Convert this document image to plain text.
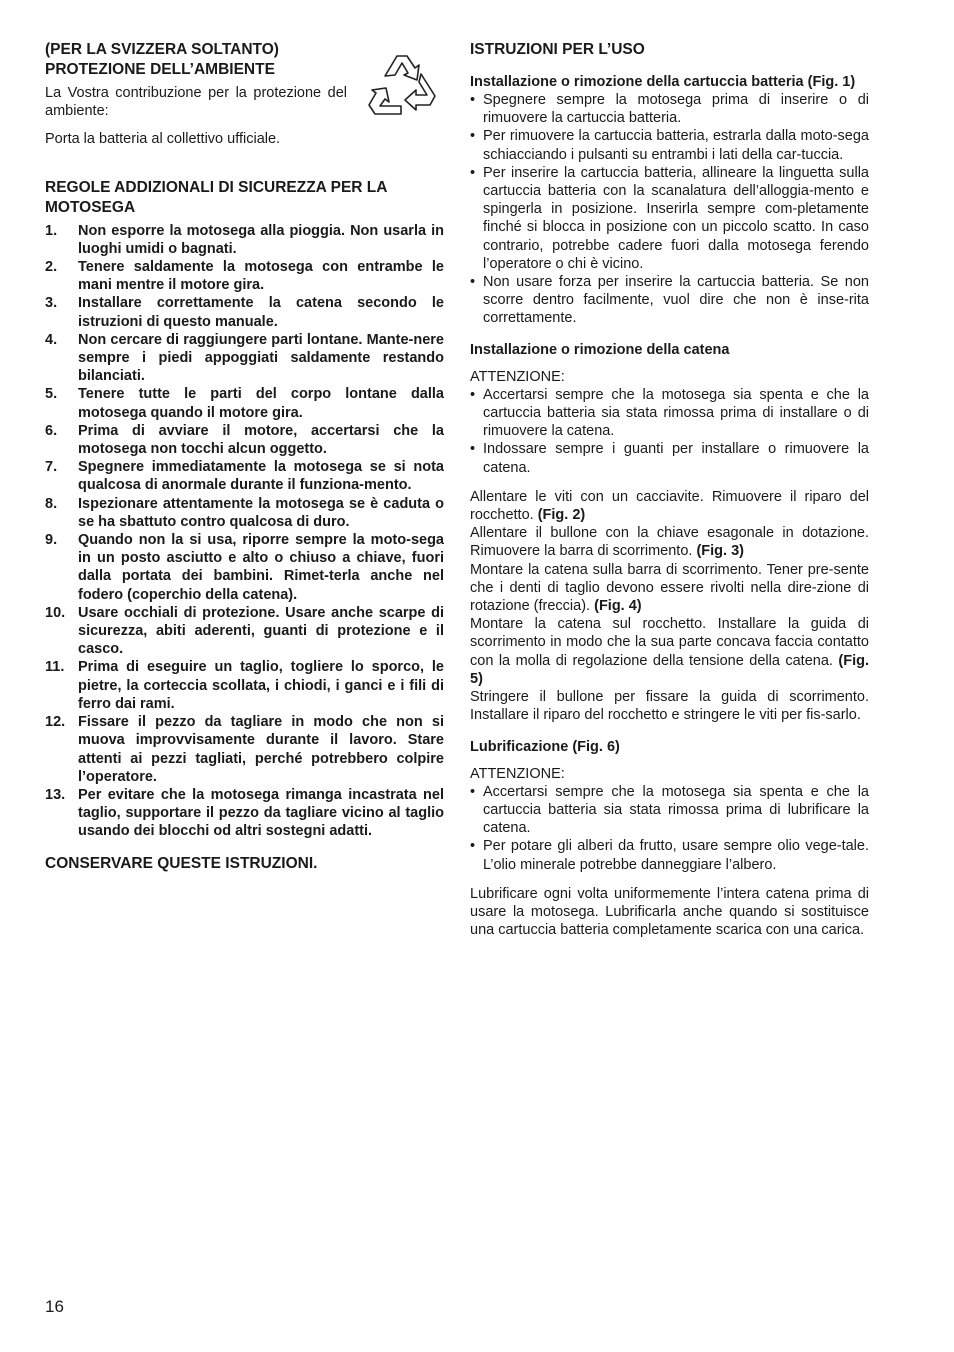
(PER LA SVIZZERA SOLTANTO)
PROTEZIONE DELL’AMBIENTE

La Vostra contribuzione per la protezione del ambiente:

Porta la batteria al collettivo ufficiale.

REGOLE ADDIZIONALI DI SICUREZZA PER LA MOTOSEGA
1. Non esporre la motosega alla pioggia. Non usarla in luoghi umidi o bagnati.
2. Tenere saldamente la motosega con entrambe le mani mentre il motore gira.
3. Installare correttamente la catena secondo le istruzioni di questo manuale.
4. Non cercare di raggiungere parti lontane. Mante-nere sempre i piedi appoggiati saldamente restando bilanciati.
5. Tenere tutte le parti del corpo lontane dalla motosega quando il motore gira.
6. Prima di avviare il motore, accertarsi che la motosega non tocchi alcun oggetto.
7. Spegnere immediatamente la motosega se si nota qualcosa di anormale durante il funziona-mento.
8. Ispezionare attentamente la motosega se è caduta o se ha sbattuto contro qualcosa di duro.
9. Quando non la si usa, riporre sempre la moto-sega in un posto asciutto e alto o chiuso a chiave, fuori dalla portata dei bambini. Rimet-terla anche nel fodero (coperchio della catena).
10. Usare occhiali di protezione. Usare anche scarpe di sicurezza, abiti aderenti, guanti di protezione e il casco.
11. Prima di eseguire un taglio, togliere lo sporco, le pietre, la corteccia scollata, i chiodi, i ganci e i fili di ferro dai rami.
12. Fissare il pezzo da tagliare in modo che non si muova improvvisamente durante il lavoro. Stare attenti ai pezzi tagliati, perché potrebbero colpire l’operatore.
13. Per evitare che la motosega rimanga incastrata nel taglio, supportare il pezzo da tagliare vicino al taglio usando dei blocchi od altri sostegni adatti.
CONSERVARE QUESTE ISTRUZIONI.
ISTRUZIONI PER L’USO
Installazione o rimozione della cartuccia batteria (Fig. 1)
• Spegnere sempre la motosega prima di inserire o di rimuovere la cartuccia batteria.
• Per rimuovere la cartuccia batteria, estrarla dalla moto-sega schiacciando i pulsanti su entrambi i lati della car-tuccia.
• Per inserire la cartuccia batteria, allineare la linguetta sulla cartuccia batteria con la scanalatura dell’alloggia-mento e spingerla in posizione. Inserirla sempre com-pletamente finché si blocca in posizione con un piccolo scatto. In caso contrario, potrebbe cadere fuori dalla motosega ferendo l’operatore o chi è vicino.
• Non usare forza per inserire la cartuccia batteria. Se non scorre dentro facilmente, vuol dire che non è inse-rita correttamente.
Installazione o rimozione della catena

ATTENZIONE:

• Accertarsi sempre che la motosega sia spenta e che la cartuccia batteria sia stata rimossa prima di installare o di rimuovere la catena.
• Indossare sempre i guanti per installare o rimuovere la catena.

Allentare le viti con un cacciavite. Rimuovere il riparo del rocchetto. (Fig. 2)

Allentare il bullone con la chiave esagonale in dotazione. Rimuovere la barra di scorrimento. (Fig. 3)

Montare la catena sulla barra di scorrimento. Tener pre-sente che i denti di taglio devono essere rivolti nella dire-zione di rotazione (freccia). (Fig. 4)

Montare la catena sul rocchetto. Installare la guida di scorrimento in modo che la sua parte concava faccia contatto con la molla di regolazione della tensione della catena. (Fig. 5)

Stringere il bullone per fissare la guida di scorrimento. Installare il riparo del rocchetto e stringere le viti per fis-sarlo.

Lubrificazione (Fig. 6)

ATTENZIONE:

• Accertarsi sempre che la motosega sia spenta e che la cartuccia batteria sia stata rimossa prima di lubrificare la catena.
• Per potare gli alberi da frutto, usare sempre olio vege-tale. L’olio minerale potrebbe danneggiare l’albero.

Lubrificare ogni volta uniformemente l’intera catena prima di usare la motosega. Lubrificarla anche quando si sostituisce una cartuccia batteria completamente scarica con una carica.

16
